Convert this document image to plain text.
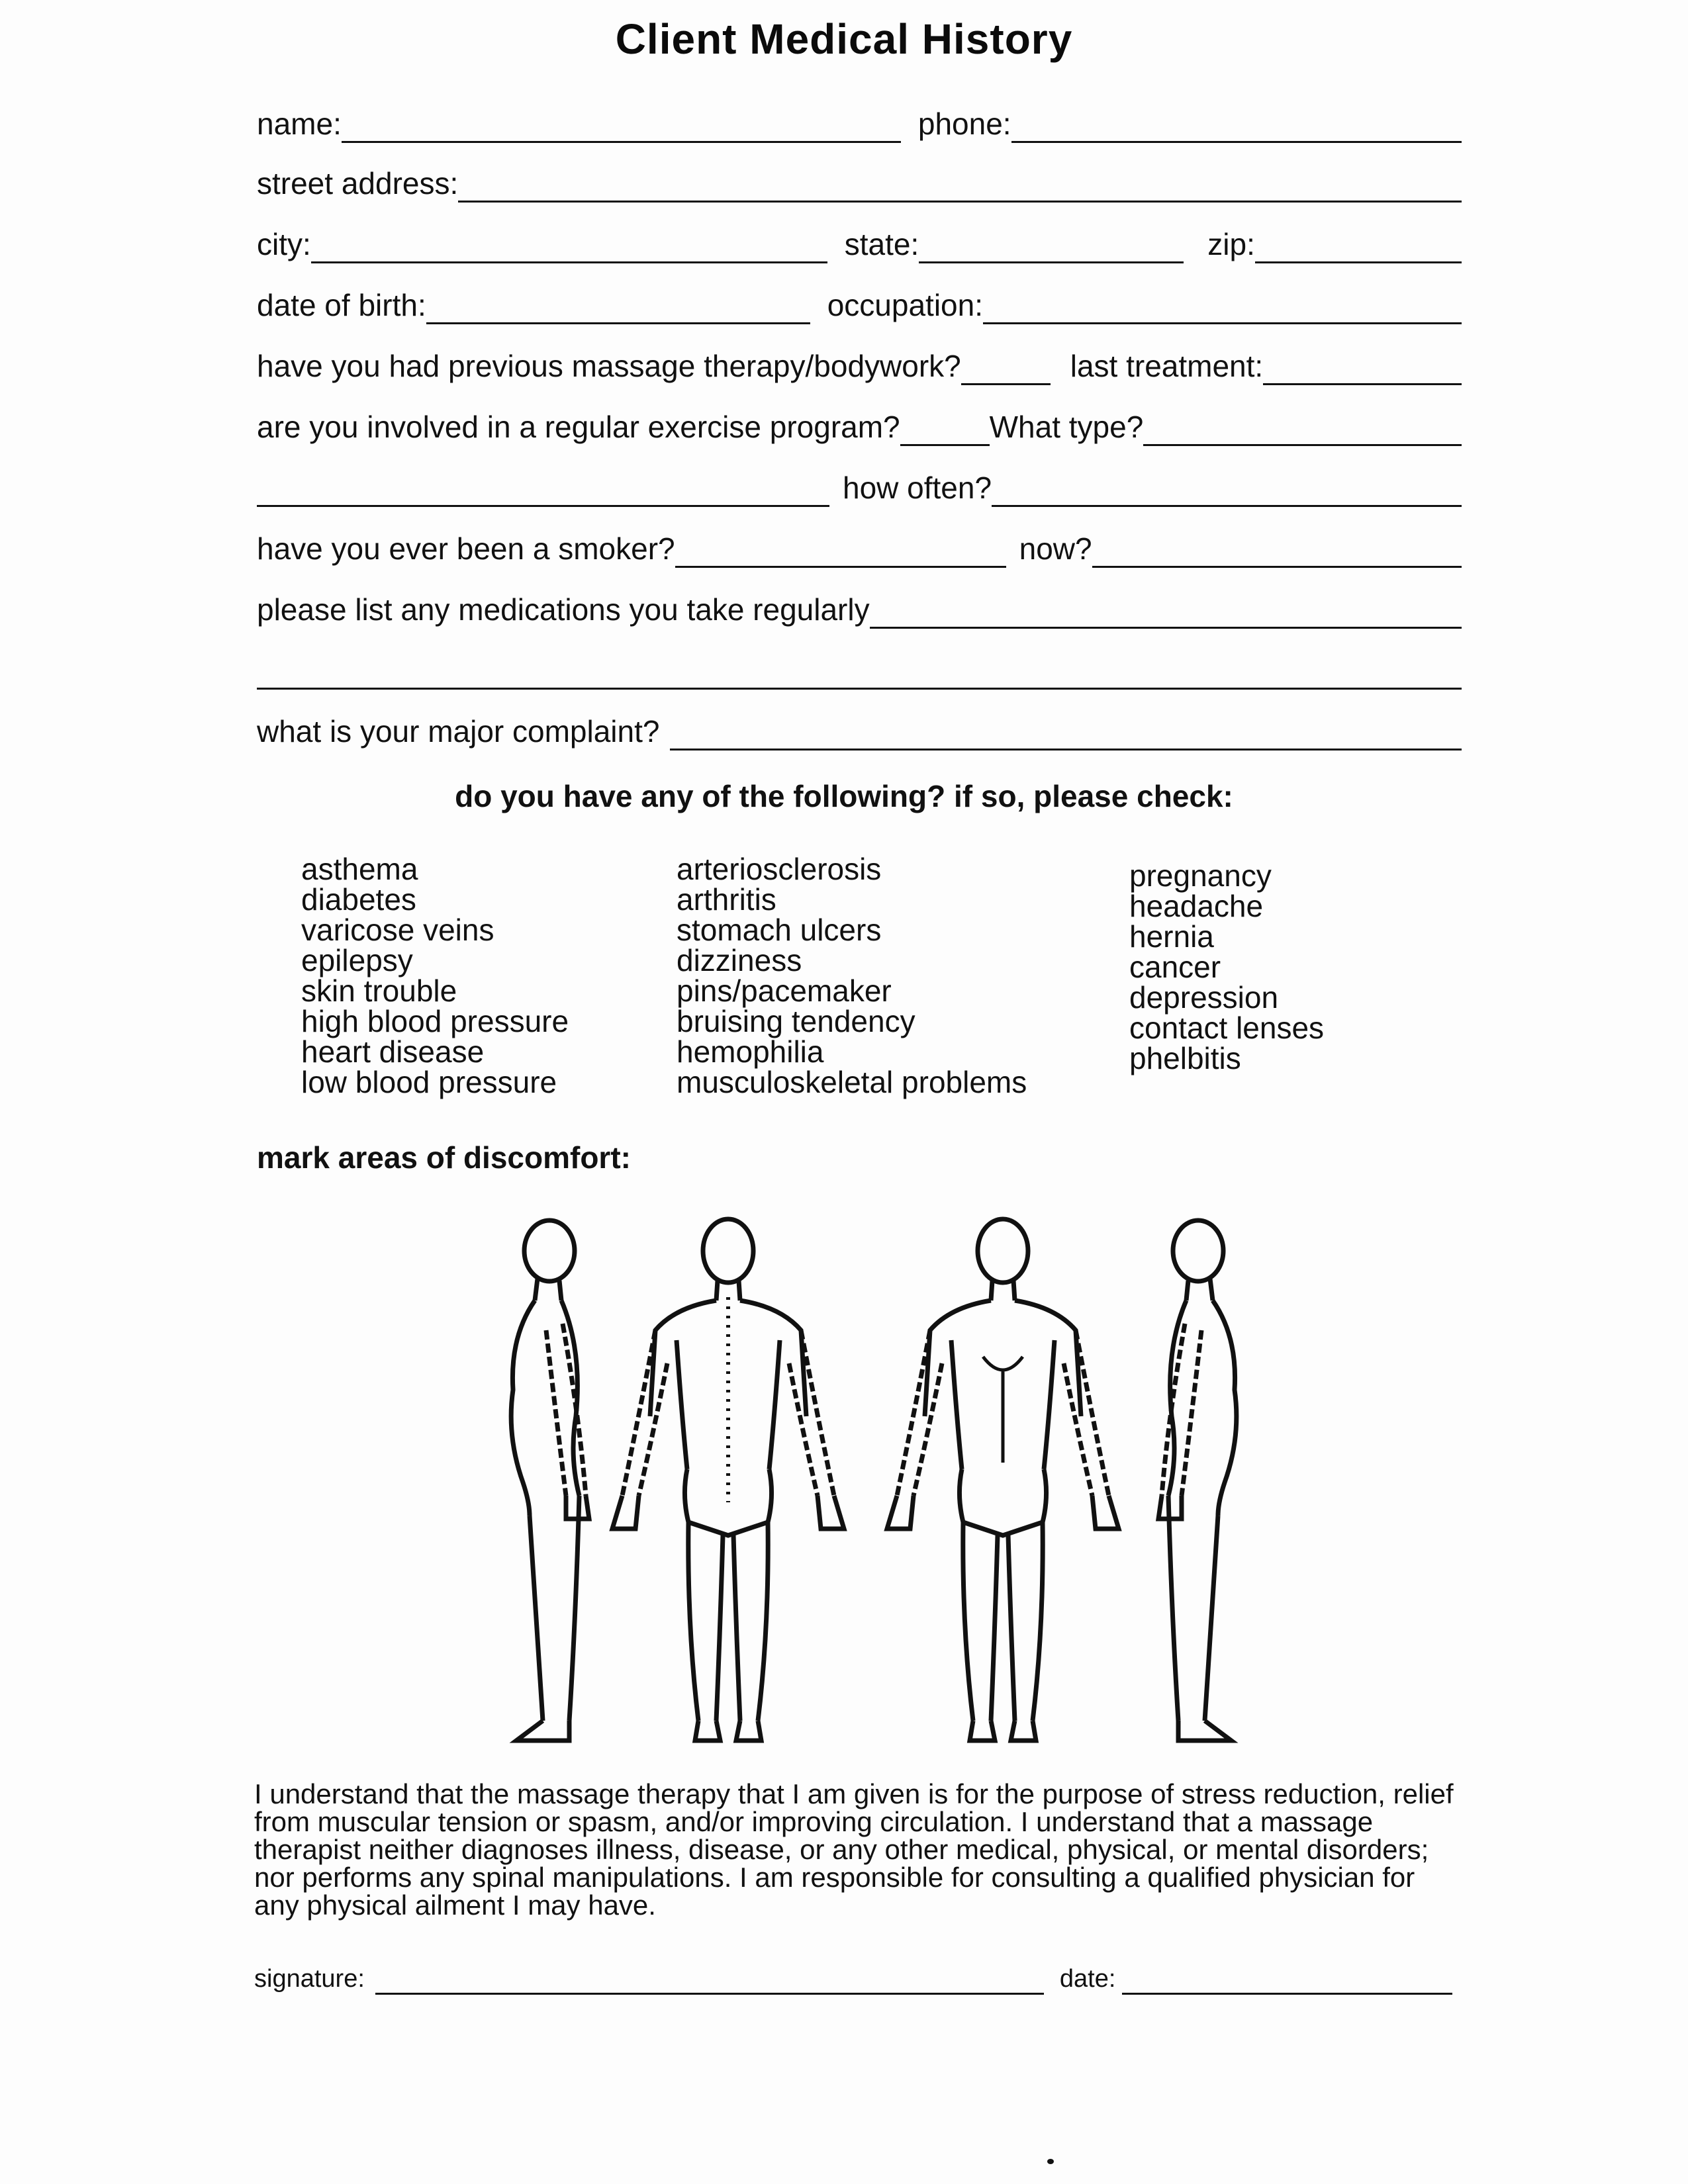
Client Medical History
name:	phone:
street address:
city:	state:	zip:
date of birth:	occupation:
have you had previous massage therapy/bodywork?	last treatment:
are you involved in a regular exercise program?	What type?
how often?
have you ever been a smoker?	now?
please list any medications you take regularly
what is your major complaint?
do you have any of the following? if so, please check:
asthema
diabetes
varicose veins
epilepsy
skin trouble
high blood pressure
heart disease
low blood pressure
arteriosclerosis
arthritis
stomach ulcers
dizziness
pins/pacemaker
bruising tendency
hemophilia
musculoskeletal problems
pregnancy
headache
hernia
cancer
depression
contact lenses
phelbitis
mark areas of discomfort:
I understand that the massage therapy that I am given is for the purpose of stress reduction, relief from muscular tension or spasm, and/or improving circulation. I understand that a massage therapist neither diagnoses illness, disease, or any other medical, physical, or mental disorders; nor performs any spinal manipulations. I am responsible for consulting a qualified physician for any physical ailment I may have.
signature:	date:
